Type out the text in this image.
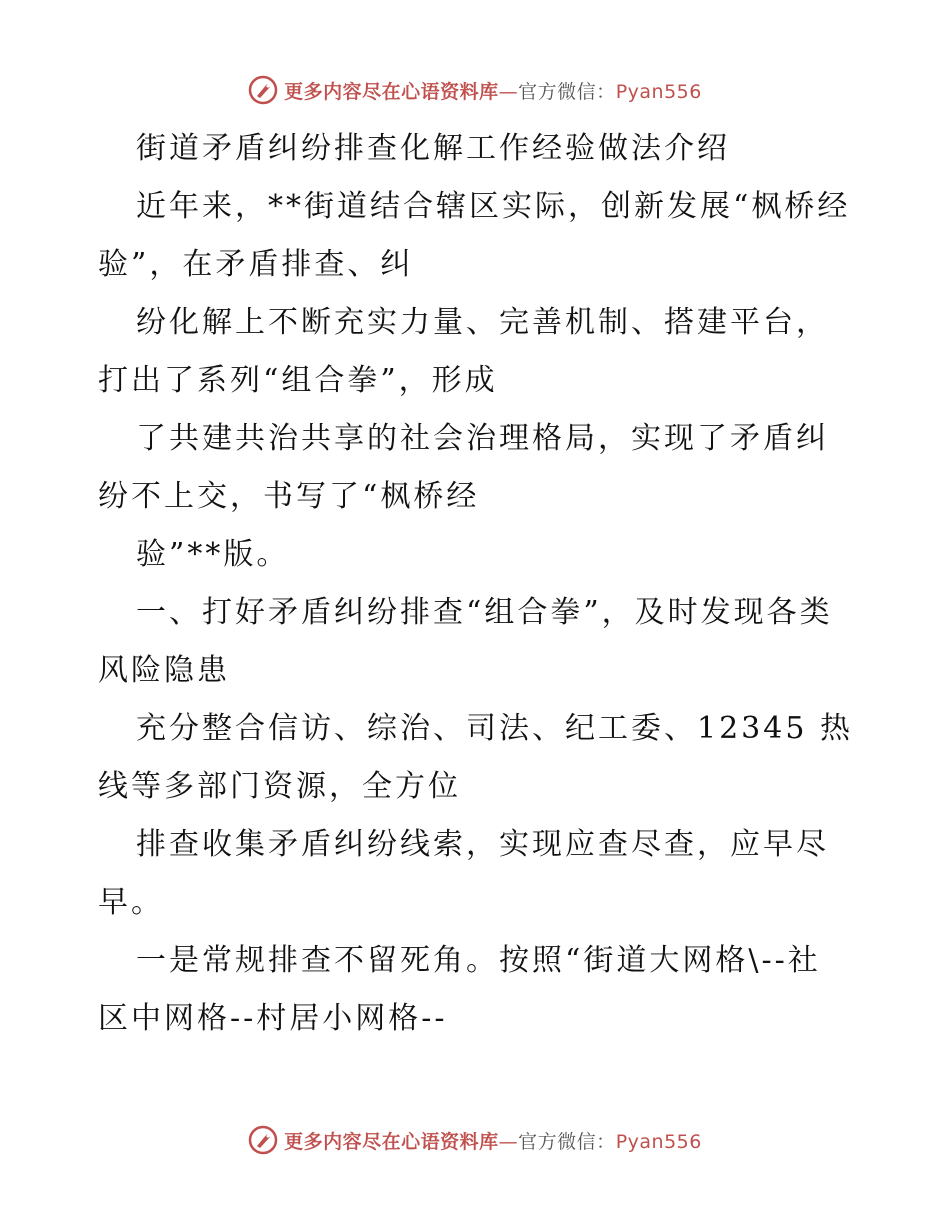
更多内容尽在心语资料库—官方微信：Pyan556

街道矛盾纠纷排查化解工作经验做法介绍

近年来，**街道结合辖区实际，创新发展“枫桥经验”，在矛盾排查、纠

纷化解上不断充实力量、完善机制、搭建平台，打出了系列“组合拳”，形成

了共建共治共享的社会治理格局，实现了矛盾纠纷不上交，书写了“枫桥经

验”**版。

一、打好矛盾纠纷排查“组合拳”，及时发现各类风险隐患

充分整合信访、综治、司法、纪工委、12345 热线等多部门资源，全方位

排查收集矛盾纠纷线索，实现应查尽查，应早尽早。

一是常规排查不留死角。按照“街道大网格\--社区中网格--村居小网格--

更多内容尽在心语资料库—官方微信：Pyan556
